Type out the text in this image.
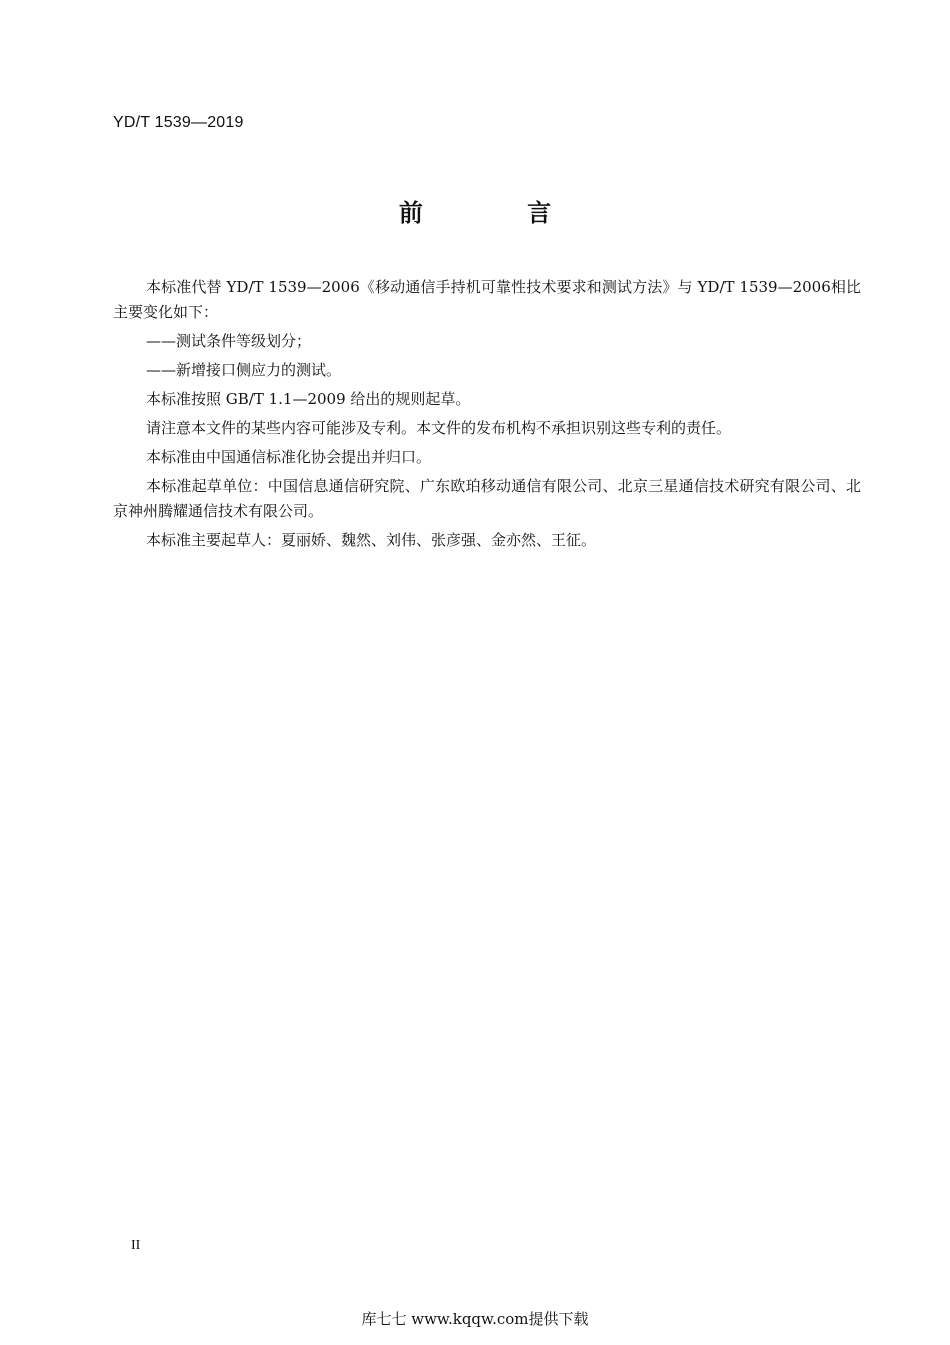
YD/T 1539—2019
前 言

本标准代替 YD/T 1539—2006《移动通信手持机可靠性技术要求和测试方法》与 YD/T 1539—2006相比主要变化如下：

——测试条件等级划分；

——新增接口侧应力的测试。

本标准按照 GB/T 1.1—2009 给出的规则起草。

请注意本文件的某些内容可能涉及专利。本文件的发布机构不承担识别这些专利的责任。

本标准由中国通信标准化协会提出并归口。

本标准起草单位：中国信息通信研究院、广东欧珀移动通信有限公司、北京三星通信技术研究有限公司、北京神州腾耀通信技术有限公司。

本标准主要起草人：夏丽娇、魏然、刘伟、张彦强、金亦然、王征。

II
库七七 www.kqqw.com提供下载
